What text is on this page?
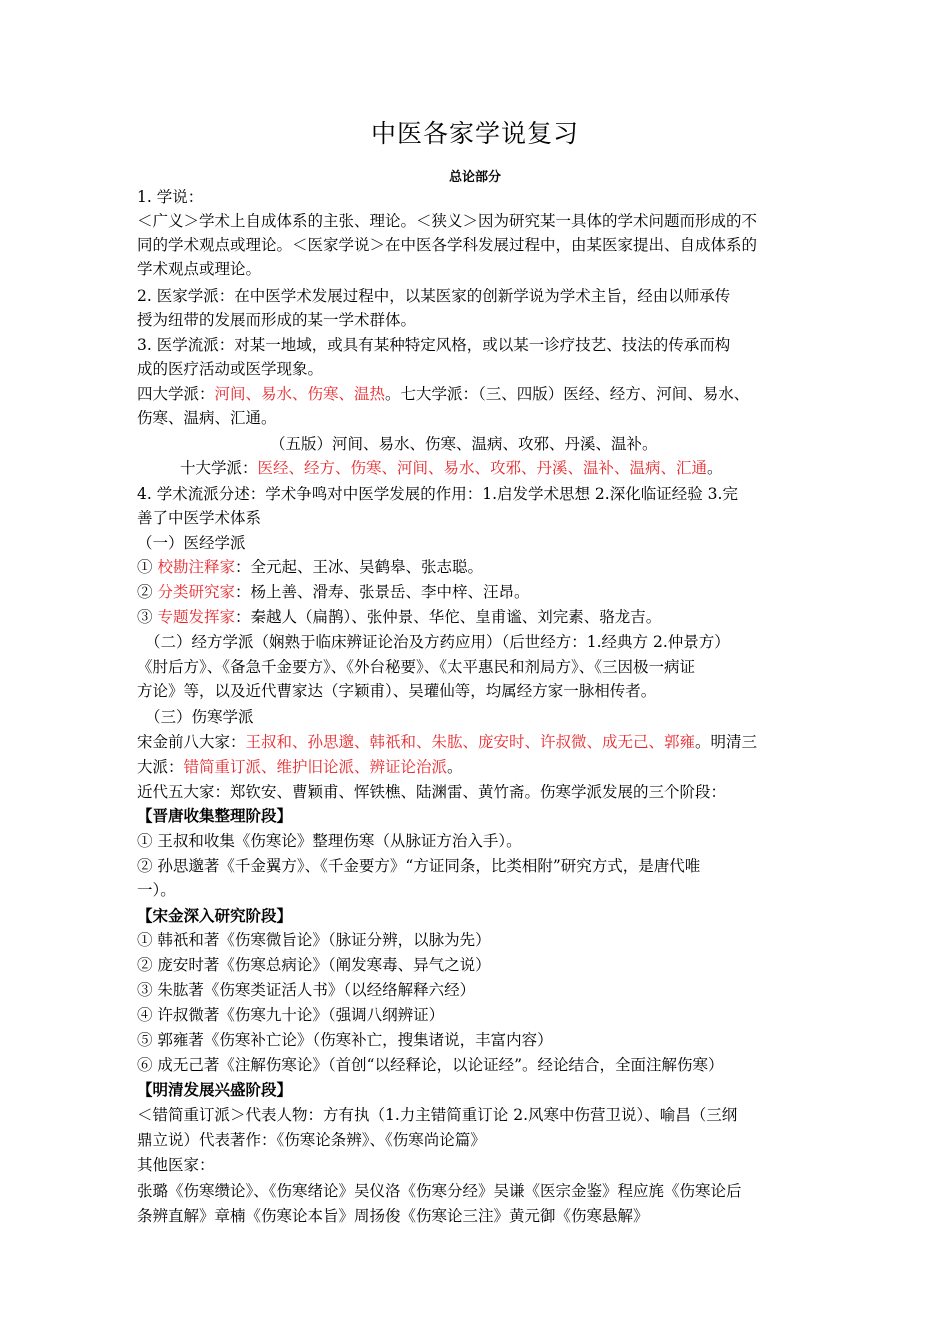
中医各家学说复习
总论部分
1. 学说：
＜广义＞学术上自成体系的主张、理论。＜狭义＞因为研究某一具体的学术问题而形成的不
同的学术观点或理论。＜医家学说＞在中医各学科发展过程中，由某医家提出、自成体系的
学术观点或理论。
2. 医家学派：在中医学术发展过程中，以某医家的创新学说为学术主旨，经由以师承传
授为纽带的发展而形成的某一学术群体。
3. 医学流派：对某一地域，或具有某种特定风格，或以某一诊疗技艺、技法的传承而构
成的医疗活动或医学现象。
四大学派：河间、易水、伤寒、温热。七大学派：（三、四版）医经、经方、河间、易水、
伤寒、温病、汇通。
（五版）河间、易水、伤寒、温病、攻邪、丹溪、温补。
十大学派：医经、经方、伤寒、河间、易水、攻邪、丹溪、温补、温病、汇通。
4. 学术流派分述：学术争鸣对中医学发展的作用：1.启发学术思想 2.深化临证经验 3.完
善了中医学术体系
（一）医经学派
① 校勘注释家：全元起、王冰、吴鹤皋、张志聪。
② 分类研究家：杨上善、滑寿、张景岳、李中梓、汪昂。
③ 专题发挥家：秦越人（扁鹊）、张仲景、华佗、皇甫谧、刘完素、骆龙吉。
（二）经方学派（娴熟于临床辨证论治及方药应用）（后世经方：1.经典方 2.仲景方）
《肘后方》、《备急千金要方》、《外台秘要》、《太平惠民和剂局方》、《三因极一病证
方论》等，以及近代曹家达（字颖甫）、吴瓘仙等，均属经方家一脉相传者。
（三）伤寒学派
宋金前八大家：王叔和、孙思邈、韩祇和、朱肱、庞安时、许叔微、成无己、郭雍。明清三
大派：错简重订派、维护旧论派、辨证论治派。
近代五大家：郑钦安、曹颖甫、恽铁樵、陆渊雷、黄竹斋。伤寒学派发展的三个阶段：
【晋唐收集整理阶段】
① 王叔和收集《伤寒论》整理伤寒（从脉证方治入手）。
② 孙思邈著《千金翼方》、《千金要方》“方证同条，比类相附”研究方式，是唐代唯
一）。
【宋金深入研究阶段】
① 韩祇和著《伤寒微旨论》（脉证分辨，以脉为先）
② 庞安时著《伤寒总病论》（阐发寒毒、异气之说）
③ 朱肱著《伤寒类证活人书》（以经络解释六经）
④ 许叔微著《伤寒九十论》（强调八纲辨证）
⑤ 郭雍著《伤寒补亡论》（伤寒补亡，搜集诸说，丰富内容）
⑥ 成无己著《注解伤寒论》（首创“以经释论，以论证经”。经论结合，全面注解伤寒）
【明清发展兴盛阶段】
＜错简重订派＞代表人物：方有执（1.力主错简重订论 2.风寒中伤营卫说）、喻昌（三纲
鼎立说）代表著作：《伤寒论条辨》、《伤寒尚论篇》
其他医家：
张璐《伤寒缵论》、《伤寒绪论》吴仪洛《伤寒分经》吴谦《医宗金鉴》程应旄《伤寒论后
条辨直解》章楠《伤寒论本旨》周扬俊《伤寒论三注》黄元御《伤寒悬解》
